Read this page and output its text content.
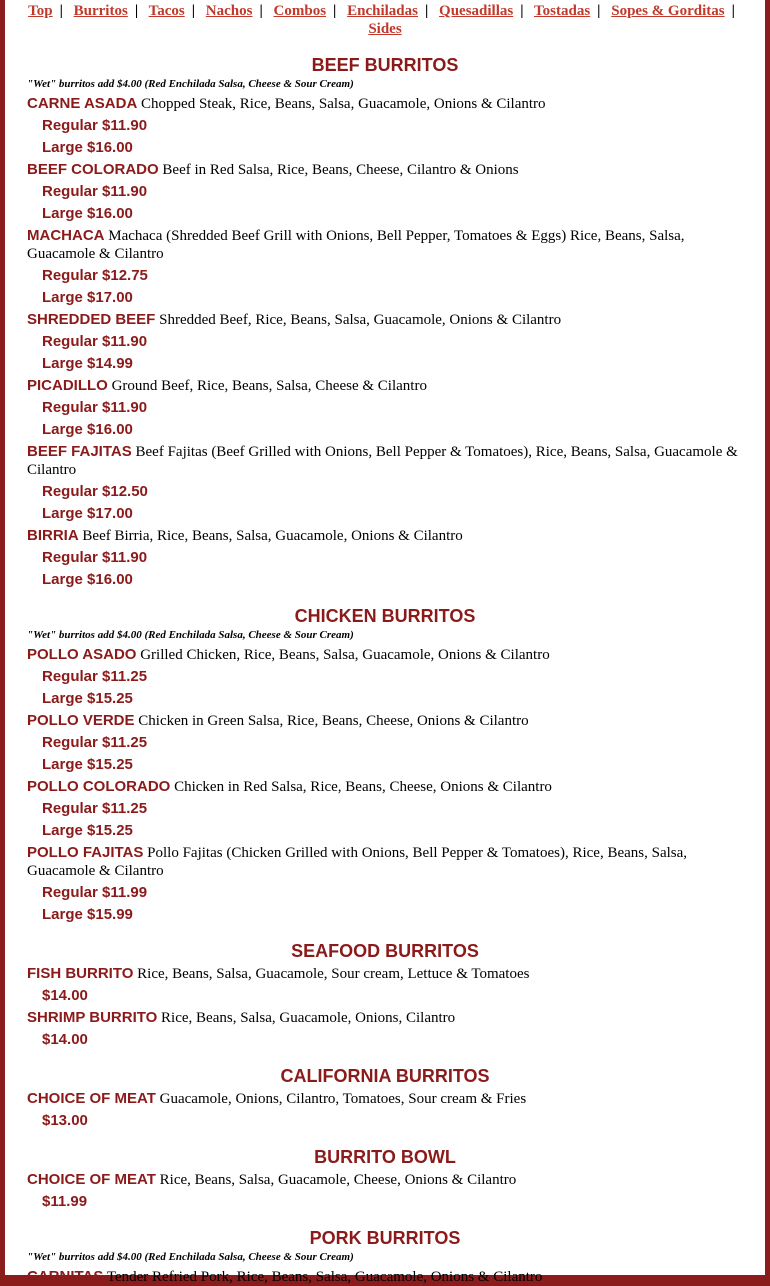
Top | Burritos | Tacos | Nachos | Combos | Enchiladas | Quesadillas | Tostadas | Sopes & Gorditas | Sides
BEEF BURRITOS
"Wet" burritos add $4.00 (Red Enchilada Salsa, Cheese & Sour Cream)
CARNE ASADA Chopped Steak, Rice, Beans, Salsa, Guacamole, Onions & Cilantro
Regular $11.90
Large $16.00
BEEF COLORADO Beef in Red Salsa, Rice, Beans, Cheese, Cilantro & Onions
Regular $11.90
Large $16.00
MACHACA Machaca (Shredded Beef Grill with Onions, Bell Pepper, Tomatoes & Eggs) Rice, Beans, Salsa, Guacamole & Cilantro
Regular $12.75
Large $17.00
SHREDDED BEEF Shredded Beef, Rice, Beans, Salsa, Guacamole, Onions & Cilantro
Regular $11.90
Large $14.99
PICADILLO Ground Beef, Rice, Beans, Salsa, Cheese & Cilantro
Regular $11.90
Large $16.00
BEEF FAJITAS Beef Fajitas (Beef Grilled with Onions, Bell Pepper & Tomatoes), Rice, Beans, Salsa, Guacamole & Cilantro
Regular $12.50
Large $17.00
BIRRIA Beef Birria, Rice, Beans, Salsa, Guacamole, Onions & Cilantro
Regular $11.90
Large $16.00
CHICKEN BURRITOS
"Wet" burritos add $4.00 (Red Enchilada Salsa, Cheese & Sour Cream)
POLLO ASADO Grilled Chicken, Rice, Beans, Salsa, Guacamole, Onions & Cilantro
Regular $11.25
Large $15.25
POLLO VERDE Chicken in Green Salsa, Rice, Beans, Cheese, Onions & Cilantro
Regular $11.25
Large $15.25
POLLO COLORADO Chicken in Red Salsa, Rice, Beans, Cheese, Onions & Cilantro
Regular $11.25
Large $15.25
POLLO FAJITAS Pollo Fajitas (Chicken Grilled with Onions, Bell Pepper & Tomatoes), Rice, Beans, Salsa, Guacamole & Cilantro
Regular $11.99
Large $15.99
SEAFOOD BURRITOS
FISH BURRITO Rice, Beans, Salsa, Guacamole, Sour cream, Lettuce & Tomatoes
$14.00
SHRIMP BURRITO Rice, Beans, Salsa, Guacamole, Onions, Cilantro
$14.00
CALIFORNIA BURRITOS
CHOICE OF MEAT Guacamole, Onions, Cilantro, Tomatoes, Sour cream & Fries
$13.00
BURRITO BOWL
CHOICE OF MEAT Rice, Beans, Salsa, Guacamole, Cheese, Onions & Cilantro
$11.99
PORK BURRITOS
"Wet" burritos add $4.00 (Red Enchilada Salsa, Cheese & Sour Cream)
CARNITAS Tender Refried Pork, Rice, Beans, Salsa, Guacamole, Onions & Cilantro
